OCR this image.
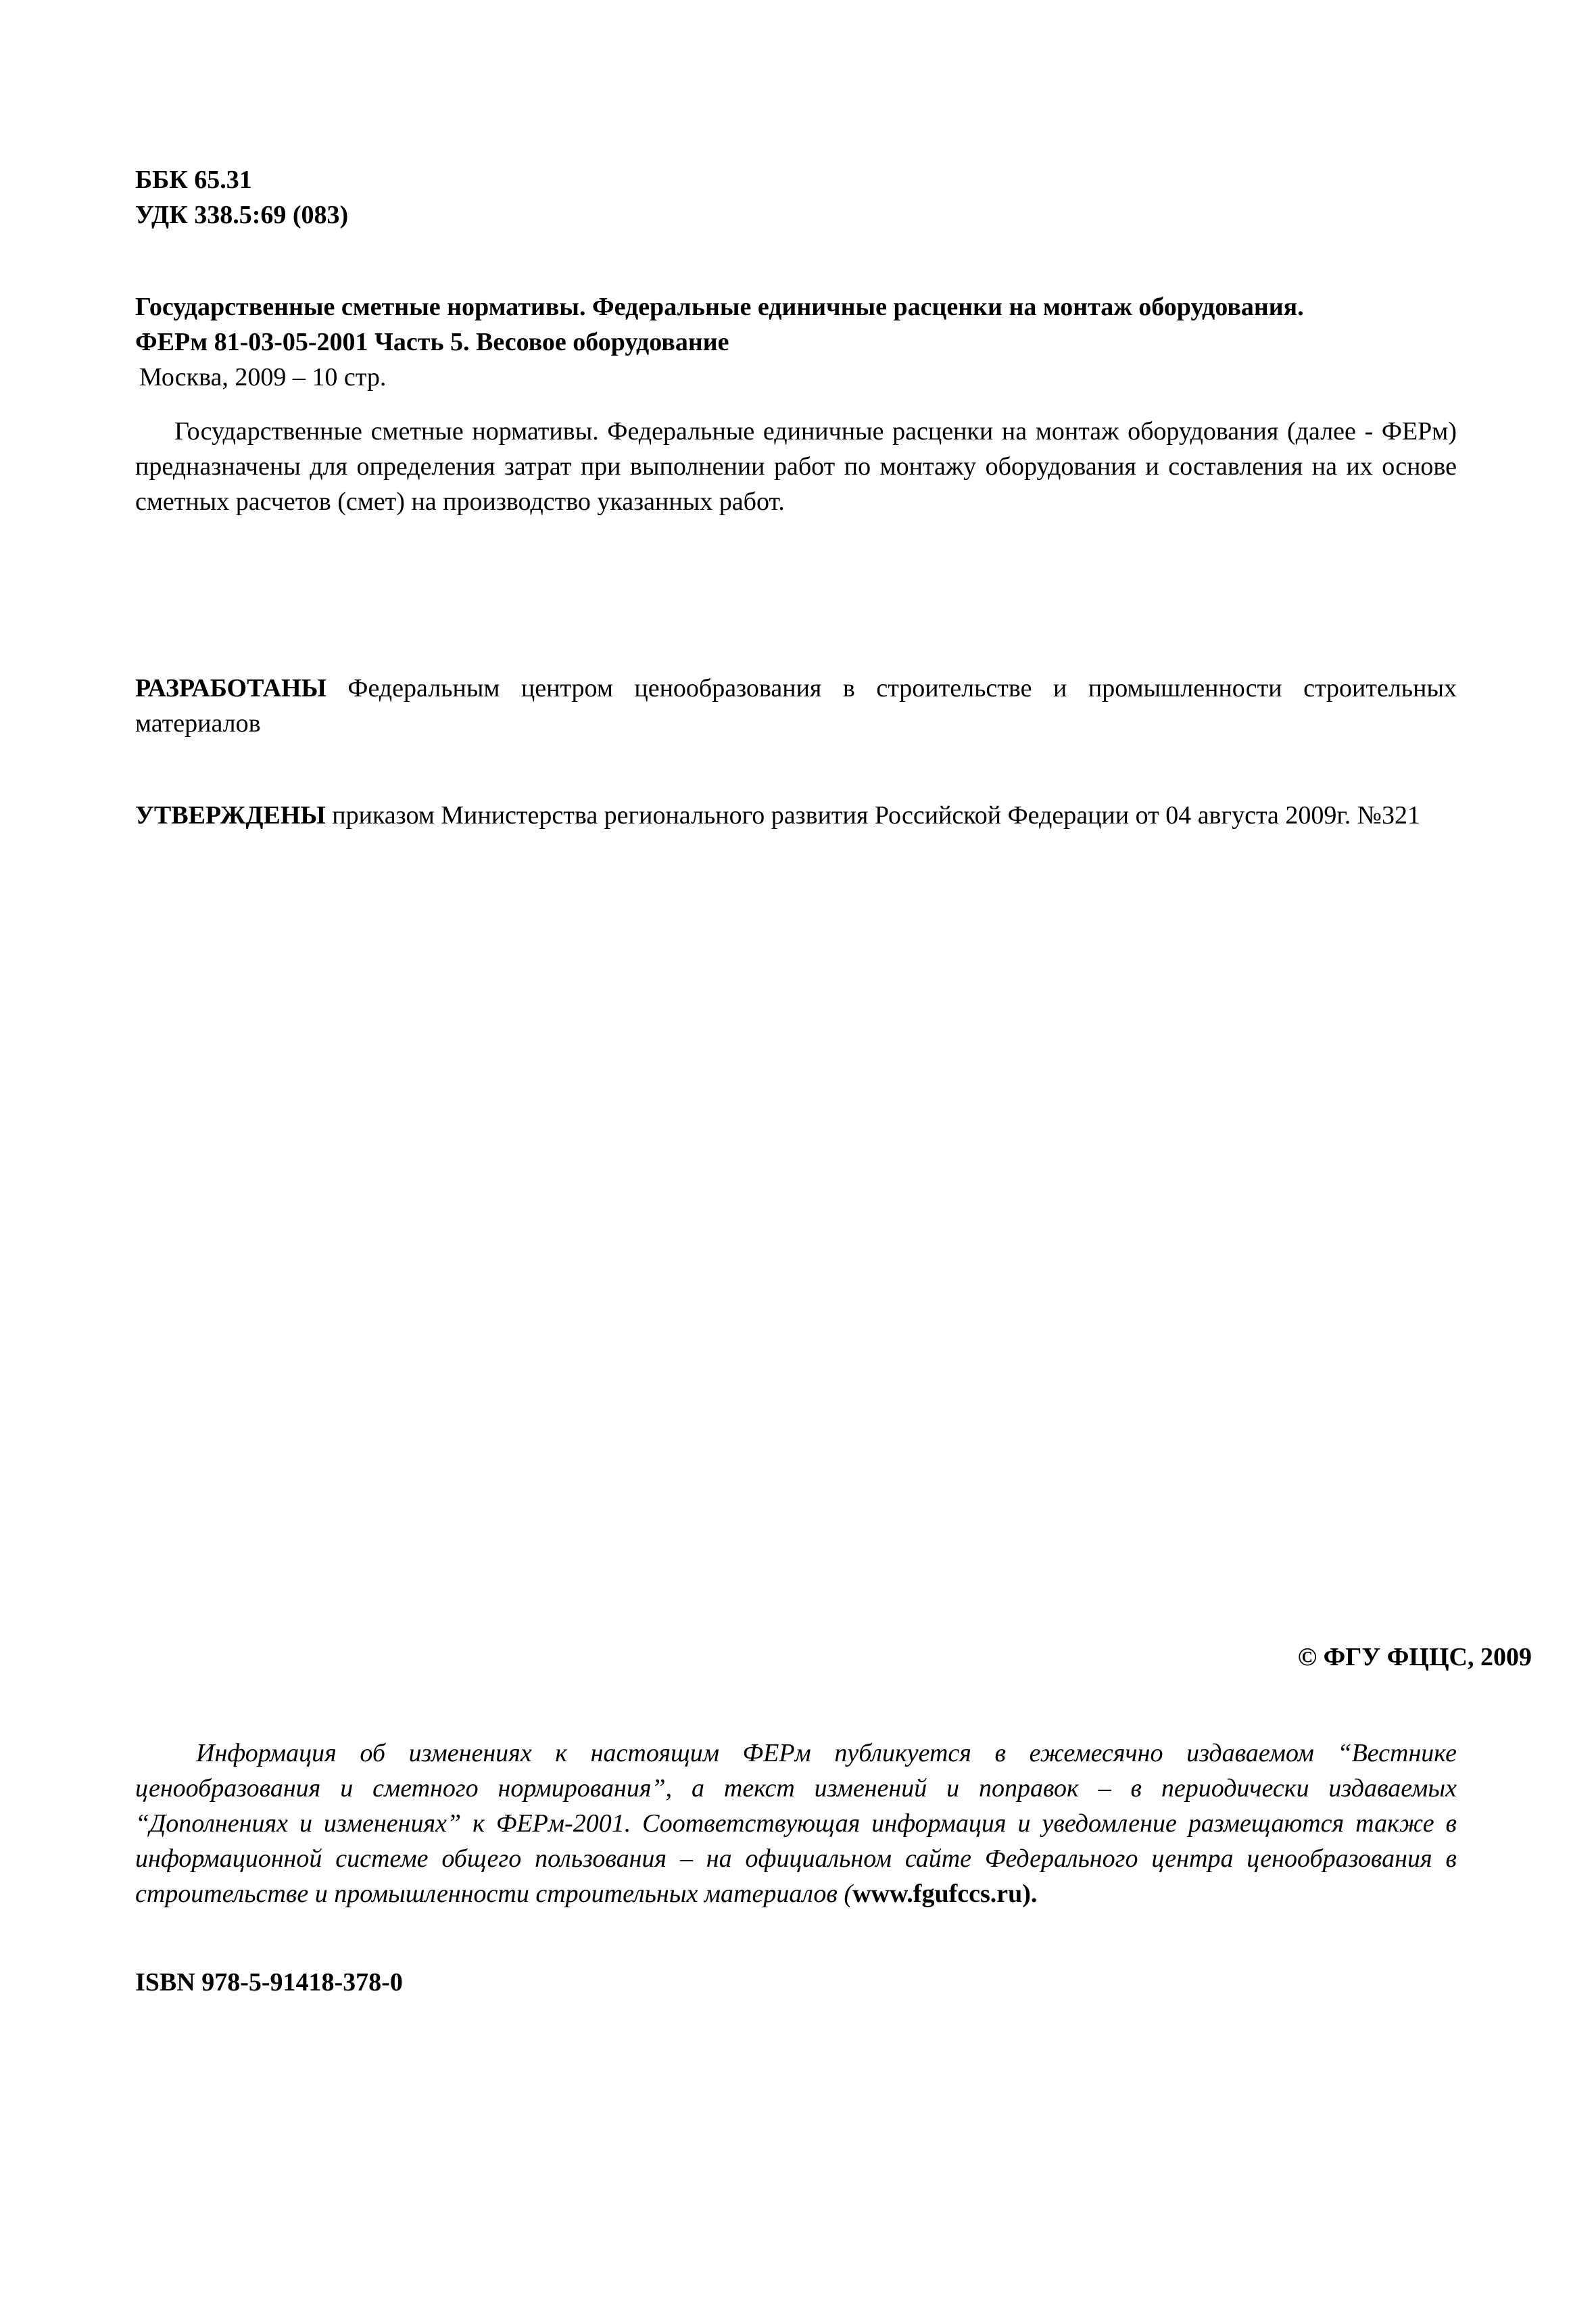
ББК 65.31
УДК 338.5:69 (083)
Государственные сметные нормативы. Федеральные единичные расценки на монтаж оборудования.
ФЕРм 81-03-05-2001 Часть 5. Весовое оборудование
Москва, 2009 – 10 стр.
Государственные сметные нормативы. Федеральные единичные расценки на монтаж оборудования (далее - ФЕРм) предназначены для определения затрат при выполнении работ по монтажу оборудования и составления на их основе сметных расчетов (смет) на производство указанных работ.
РАЗРАБОТАНЫ Федеральным центром ценообразования в строительстве и промышленности строительных материалов
УТВЕРЖДЕНЫ приказом Министерства регионального развития Российской Федерации от 04 августа 2009г. №321
© ФГУ ФЦЦС, 2009
Информация об изменениях к настоящим ФЕРм публикуется в ежемесячно издаваемом “Вестнике ценообразования и сметного нормирования”, а текст изменений и поправок – в периодически издаваемых “Дополнениях и изменениях” к ФЕРм-2001. Соответствующая информация и уведомление размещаются также в информационной системе общего пользования – на официальном сайте Федерального центра ценообразования в строительстве и промышленности строительных материалов (www.fgufccs.ru).
ISBN 978-5-91418-378-0
